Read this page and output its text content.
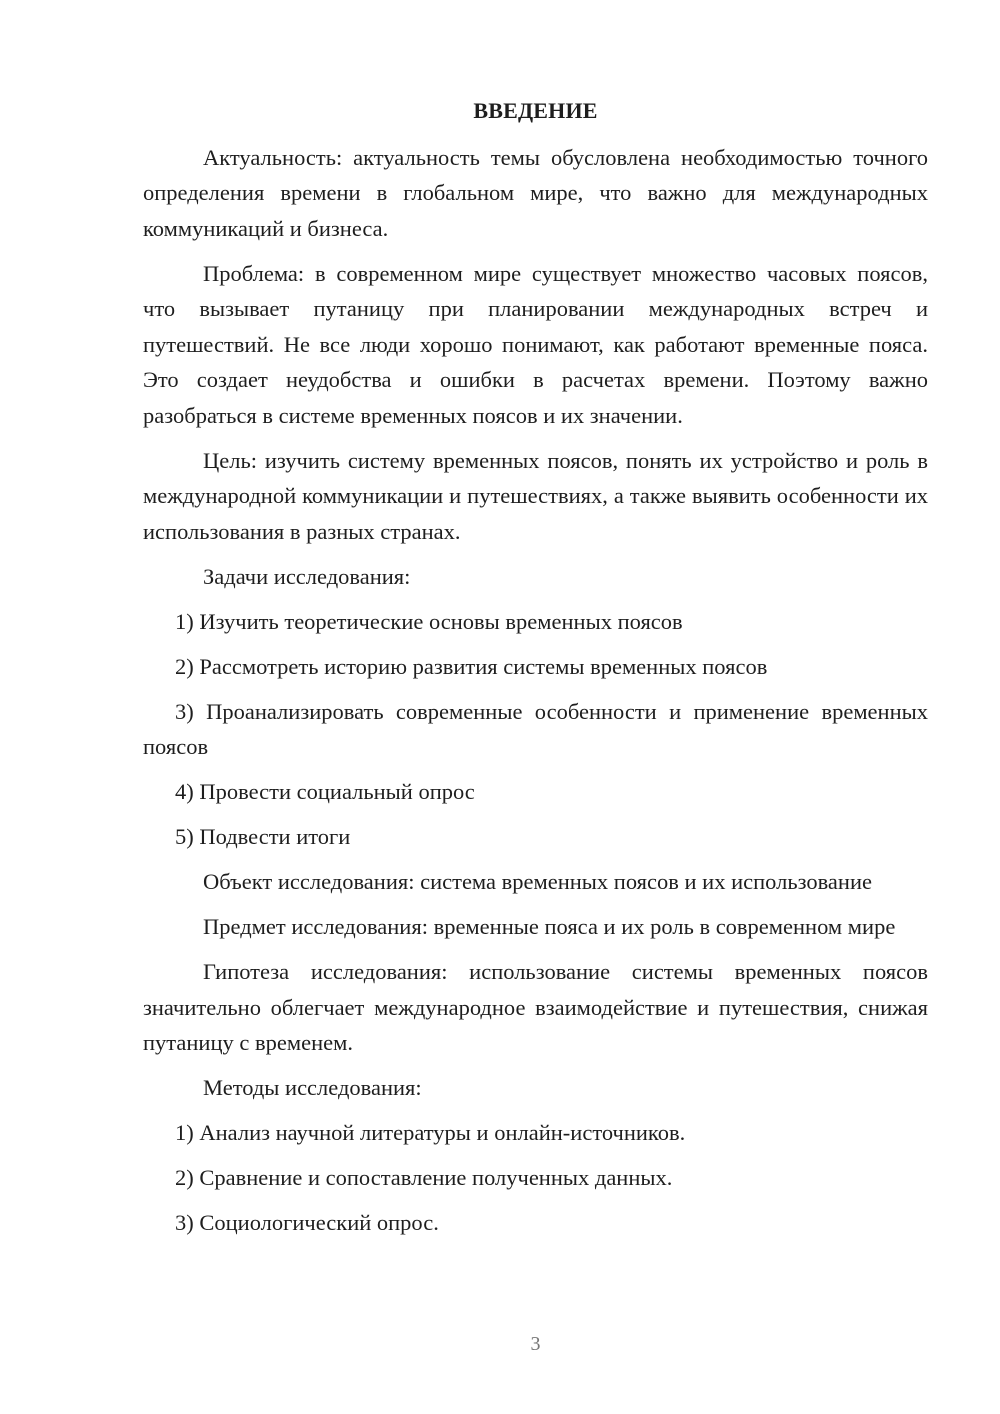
ВВЕДЕНИЕ

Актуальность: актуальность темы обусловлена необходимостью точного определения времени в глобальном мире, что важно для международных коммуникаций и бизнеса.

Проблема: в современном мире существует множество часовых поясов, что вызывает путаницу при планировании международных встреч и путешествий. Не все люди хорошо понимают, как работают временные пояса. Это создает неудобства и ошибки в расчетах времени. Поэтому важно разобраться в системе временных поясов и их значении.

Цель: изучить систему временных поясов, понять их устройство и роль в международной коммуникации и путешествиях, а также выявить особенности их использования в разных странах.

Задачи исследования:

1) Изучить теоретические основы временных поясов

2) Рассмотреть историю развития системы временных поясов

3) Проанализировать современные особенности и применение временных поясов

4) Провести социальный опрос

5) Подвести итоги

Объект исследования: система временных поясов и их использование

Предмет исследования: временные пояса и их роль в современном мире

Гипотеза исследования: использование системы временных поясов значительно облегчает международное взаимодействие и путешествия, снижая путаницу с временем.

Методы исследования:

1) Анализ научной литературы и онлайн-источников.

2) Сравнение и сопоставление полученных данных.

3) Социологический опрос.

3
